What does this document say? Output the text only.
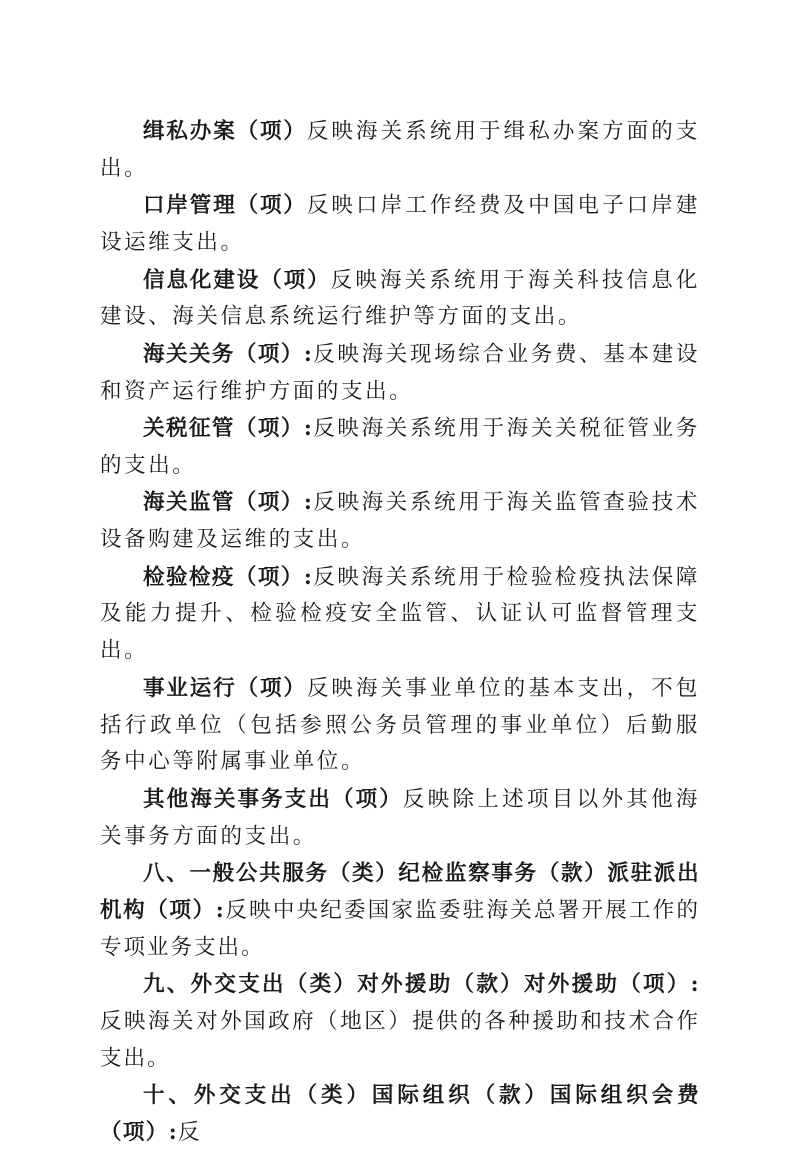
缉私办案（项）反映海关系统用于缉私办案方面的支出。

口岸管理（项）反映口岸工作经费及中国电子口岸建设运维支出。

信息化建设（项）反映海关系统用于海关科技信息化建设、海关信息系统运行维护等方面的支出。

海关关务（项）:反映海关现场综合业务费、基本建设和资产运行维护方面的支出。

关税征管（项）:反映海关系统用于海关关税征管业务的支出。

海关监管（项）:反映海关系统用于海关监管查验技术设备购建及运维的支出。

检验检疫（项）:反映海关系统用于检验检疫执法保障及能力提升、检验检疫安全监管、认证认可监督管理支出。

事业运行（项）反映海关事业单位的基本支出，不包括行政单位（包括参照公务员管理的事业单位）后勤服务中心等附属事业单位。

其他海关事务支出（项）反映除上述项目以外其他海关事务方面的支出。

八、一般公共服务（类）纪检监察事务（款）派驻派出机构（项）:反映中央纪委国家监委驻海关总署开展工作的专项业务支出。

九、外交支出（类）对外援助（款）对外援助（项）:反映海关对外国政府（地区）提供的各种援助和技术合作支出。

十、外交支出（类）国际组织（款）国际组织会费（项）:反
